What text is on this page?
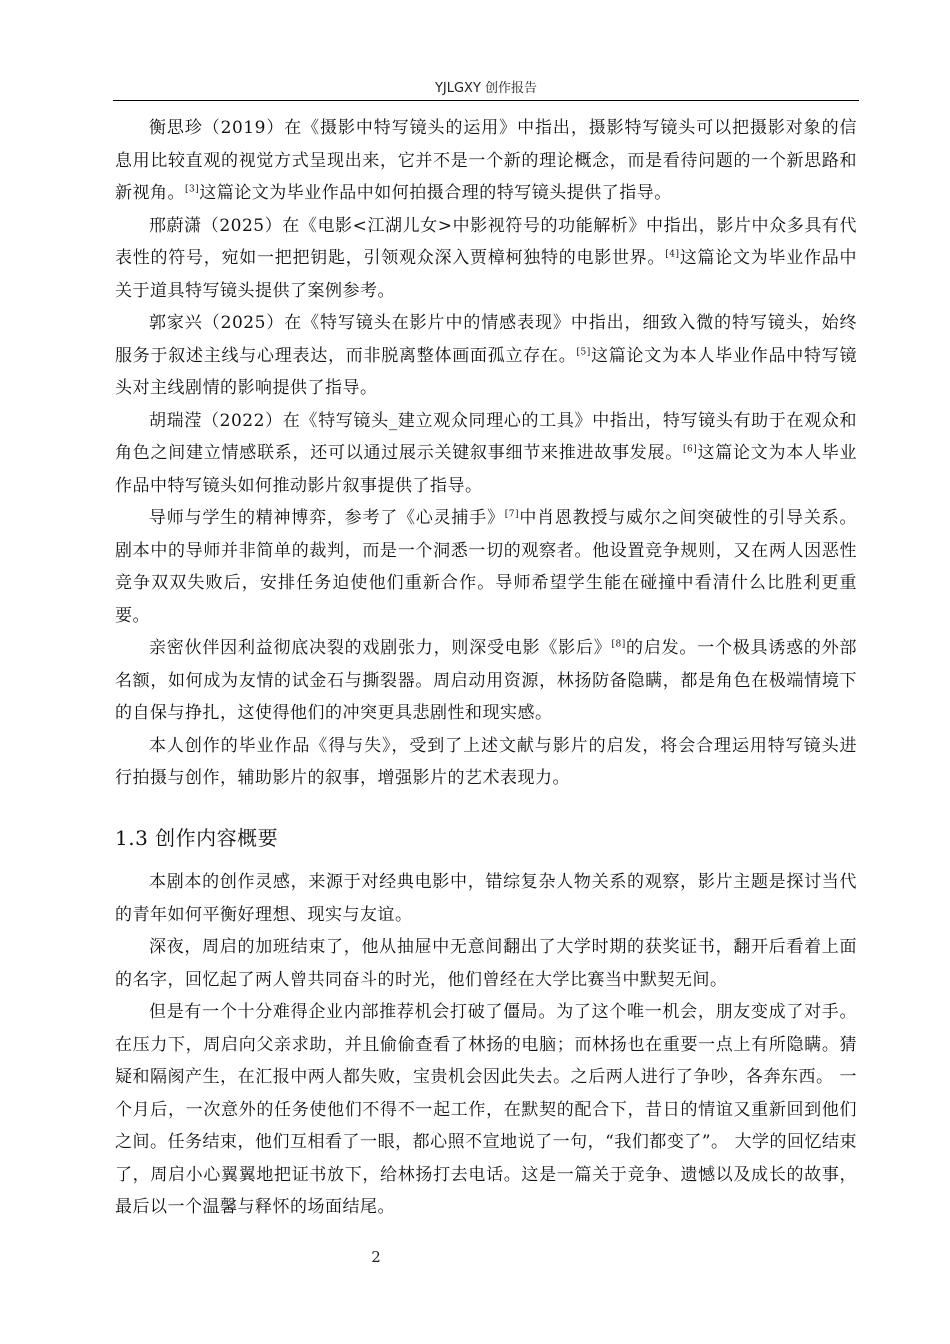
YJLGXY 创作报告

衡思珍（2019）在《摄影中特写镜头的运用》中指出，摄影特写镜头可以把摄影对象的信息用比较直观的视觉方式呈现出来，它并不是一个新的理论概念，而是看待问题的一个新思路和新视角。[3]这篇论文为毕业作品中如何拍摄合理的特写镜头提供了指导。

邢蔚潇（2025）在《电影<江湖儿女>中影视符号的功能解析》中指出，影片中众多具有代表性的符号，宛如一把把钥匙，引领观众深入贾樟柯独特的电影世界。[4]这篇论文为毕业作品中关于道具特写镜头提供了案例参考。

郭家兴（2025）在《特写镜头在影片中的情感表现》中指出，细致入微的特写镜头，始终服务于叙述主线与心理表达，而非脱离整体画面孤立存在。[5]这篇论文为本人毕业作品中特写镜头对主线剧情的影响提供了指导。

胡瑞滢（2022）在《特写镜头_建立观众同理心的工具》中指出，特写镜头有助于在观众和角色之间建立情感联系，还可以通过展示关键叙事细节来推进故事发展。[6]这篇论文为本人毕业作品中特写镜头如何推动影片叙事提供了指导。

导师与学生的精神博弈，参考了《心灵捕手》[7]中肖恩教授与威尔之间突破性的引导关系。剧本中的导师并非简单的裁判，而是一个洞悉一切的观察者。他设置竞争规则，又在两人因恶性竞争双双失败后，安排任务迫使他们重新合作。导师希望学生能在碰撞中看清什么比胜利更重要。

亲密伙伴因利益彻底决裂的戏剧张力，则深受电影《影后》[8]的启发。一个极具诱惑的外部名额，如何成为友情的试金石与撕裂器。周启动用资源，林扬防备隐瞒，都是角色在极端情境下的自保与挣扎，这使得他们的冲突更具悲剧性和现实感。

本人创作的毕业作品《得与失》，受到了上述文献与影片的启发，将会合理运用特写镜头进行拍摄与创作，辅助影片的叙事，增强影片的艺术表现力。

1.3 创作内容概要

本剧本的创作灵感，来源于对经典电影中，错综复杂人物关系的观察，影片主题是探讨当代的青年如何平衡好理想、现实与友谊。

深夜，周启的加班结束了，他从抽屉中无意间翻出了大学时期的获奖证书，翻开后看着上面的名字，回忆起了两人曾共同奋斗的时光，他们曾经在大学比赛当中默契无间。

但是有一个十分难得企业内部推荐机会打破了僵局。为了这个唯一机会，朋友变成了对手。在压力下，周启向父亲求助，并且偷偷查看了林扬的电脑；而林扬也在重要一点上有所隐瞒。猜疑和隔阂产生，在汇报中两人都失败，宝贵机会因此失去。之后两人进行了争吵，各奔东西。 一个月后，一次意外的任务使他们不得不一起工作，在默契的配合下，昔日的情谊又重新回到他们之间。任务结束，他们互相看了一眼，都心照不宣地说了一句，“我们都变了”。 大学的回忆结束了，周启小心翼翼地把证书放下，给林扬打去电话。这是一篇关于竞争、遗憾以及成长的故事，最后以一个温馨与释怀的场面结尾。

2
